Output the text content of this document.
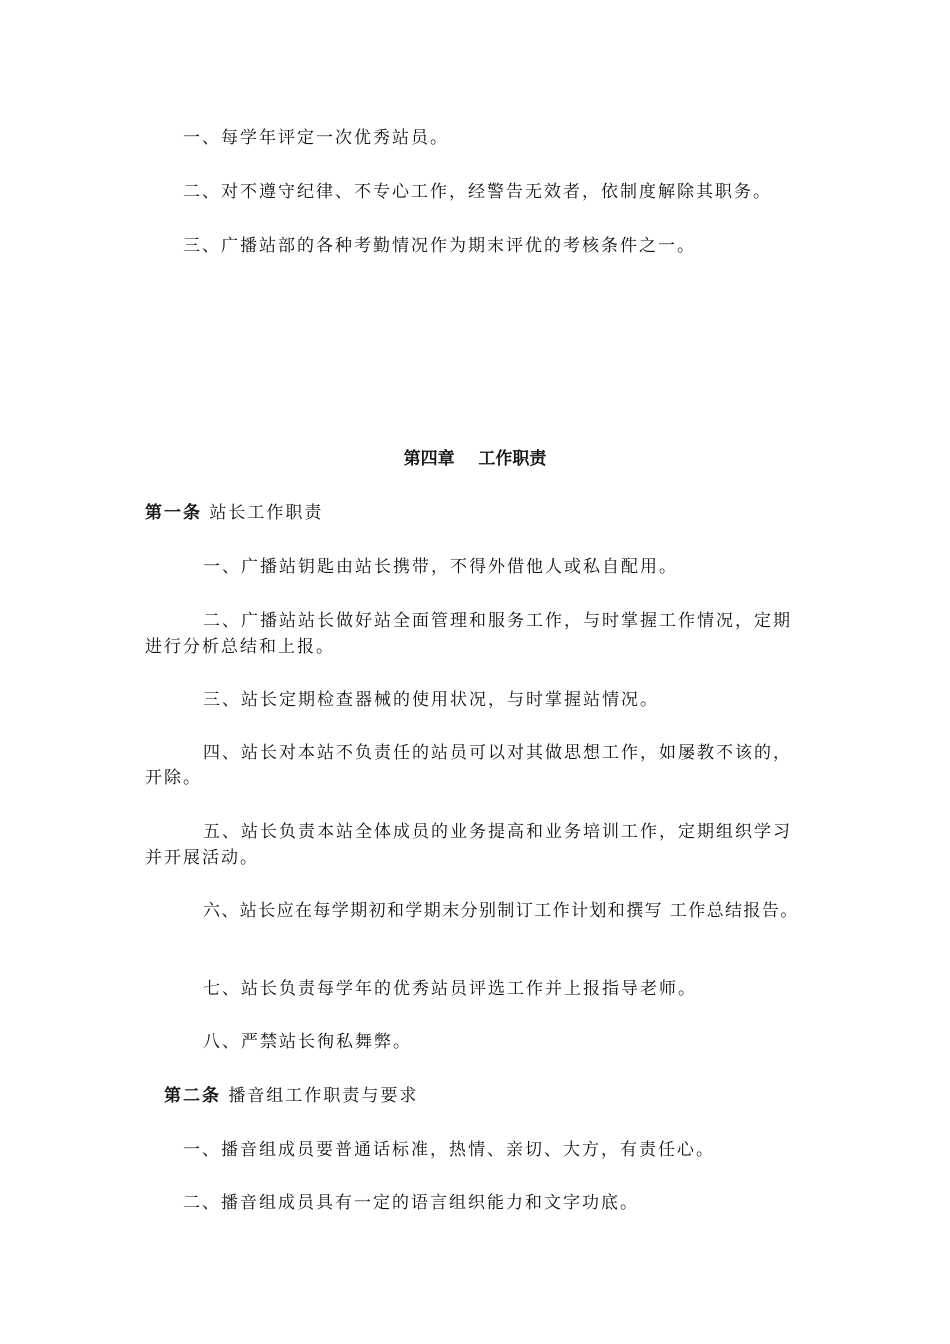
一、每学年评定一次优秀站员。

二、对不遵守纪律、不专心工作，经警告无效者，依制度解除其职务。

三、广播站部的各种考勤情况作为期末评优的考核条件之一。

第四章    工作职责

第一条 站长工作职责

一、广播站钥匙由站长携带，不得外借他人或私自配用。

二、广播站站长做好站全面管理和服务工作，与时掌握工作情况，定期

进行分析总结和上报。

三、站长定期检查器械的使用状况，与时掌握站情况。

四、站长对本站不负责任的站员可以对其做思想工作，如屡教不该的，

开除。

五、站长负责本站全体成员的业务提高和业务培训工作，定期组织学习

并开展活动。

六、站长应在每学期初和学期末分别制订工作计划和撰写 工作总结报告。

七、站长负责每学年的优秀站员评选工作并上报指导老师。

八、严禁站长徇私舞弊。

第二条 播音组工作职责与要求

一、播音组成员要普通话标准，热情、亲切、大方，有责任心。

二、播音组成员具有一定的语言组织能力和文字功底。
